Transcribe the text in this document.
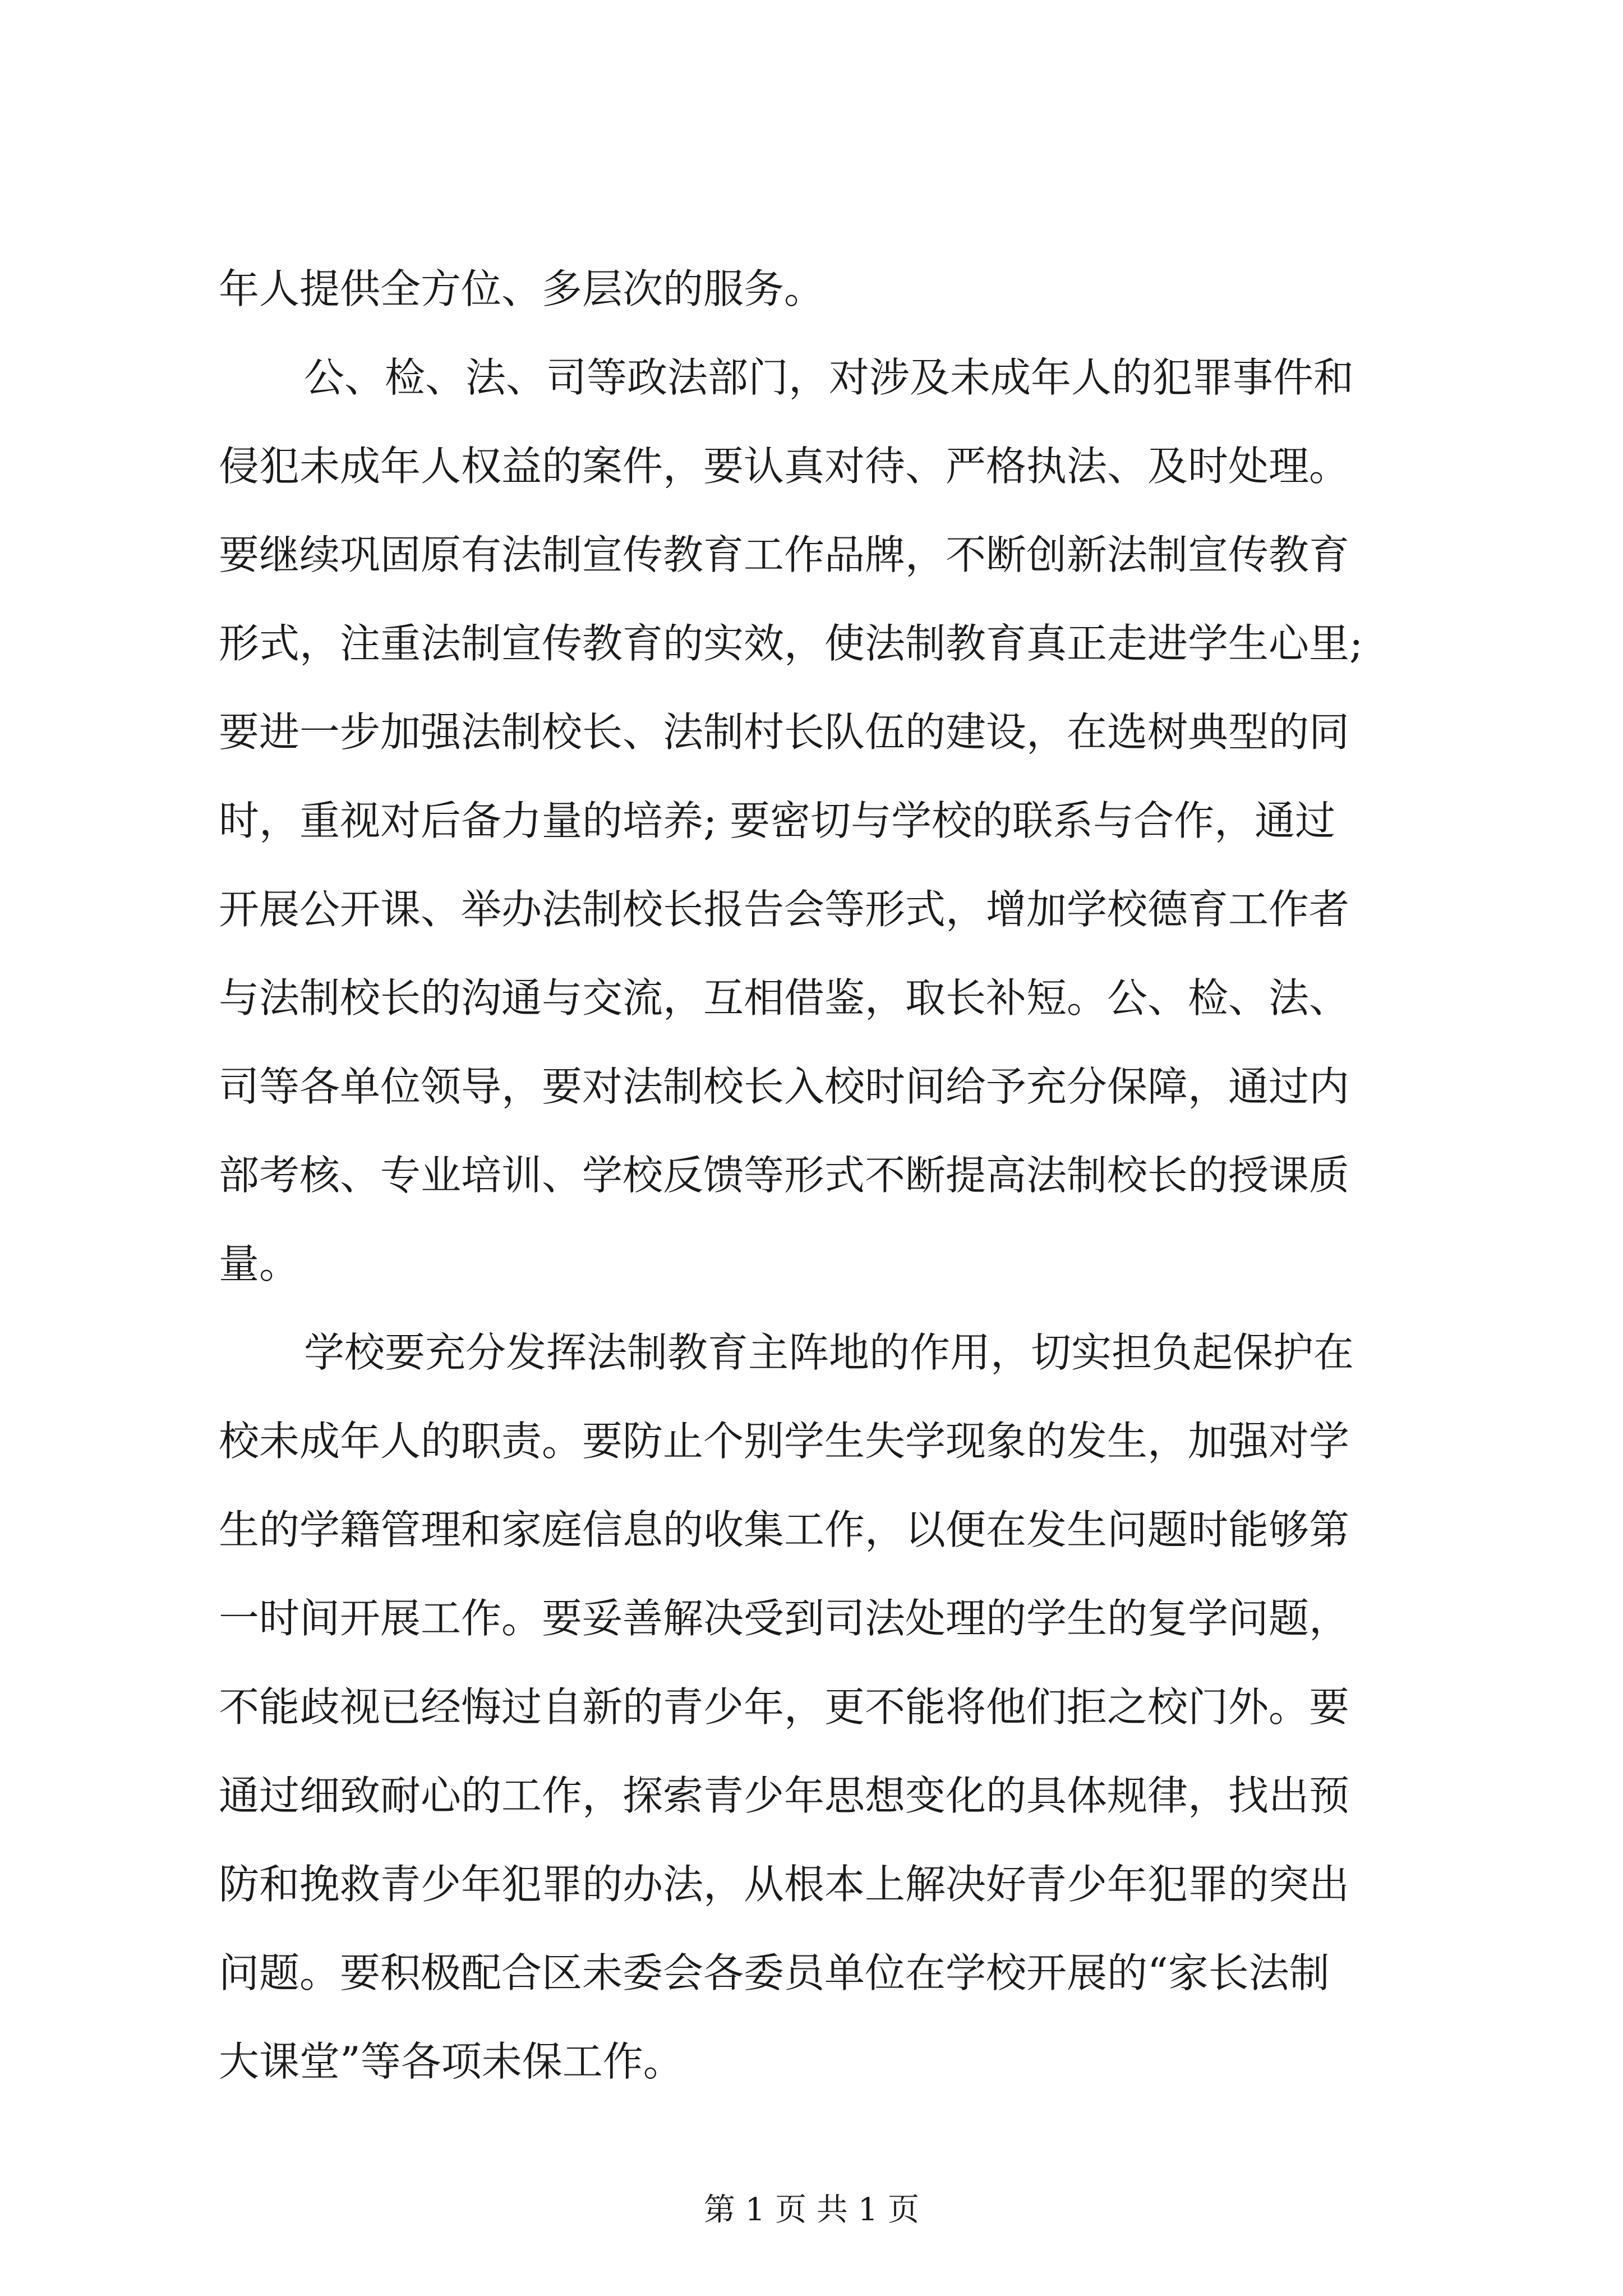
年人提供全方位、多层次的服务。
公、检、法、司等政法部门，对涉及未成年人的犯罪事件和
侵犯未成年人权益的案件，要认真对待、严格执法、及时处理。
要继续巩固原有法制宣传教育工作品牌，不断创新法制宣传教育
形式，注重法制宣传教育的实效，使法制教育真正走进学生心里;
要进一步加强法制校长、法制村长队伍的建设，在选树典型的同
时，重视对后备力量的培养; 要密切与学校的联系与合作，通过
开展公开课、举办法制校长报告会等形式，增加学校德育工作者
与法制校长的沟通与交流，互相借鉴，取长补短。公、检、法、
司等各单位领导，要对法制校长入校时间给予充分保障，通过内
部考核、专业培训、学校反馈等形式不断提高法制校长的授课质
量。
学校要充分发挥法制教育主阵地的作用，切实担负起保护在
校未成年人的职责。要防止个别学生失学现象的发生，加强对学
生的学籍管理和家庭信息的收集工作，以便在发生问题时能够第
一时间开展工作。要妥善解决受到司法处理的学生的复学问题，
不能歧视已经悔过自新的青少年，更不能将他们拒之校门外。要
通过细致耐心的工作，探索青少年思想变化的具体规律，找出预
防和挽救青少年犯罪的办法，从根本上解决好青少年犯罪的突出
问题。要积极配合区未委会各委员单位在学校开展的“家长法制
大课堂”等各项未保工作。
第 1 页 共 1 页
